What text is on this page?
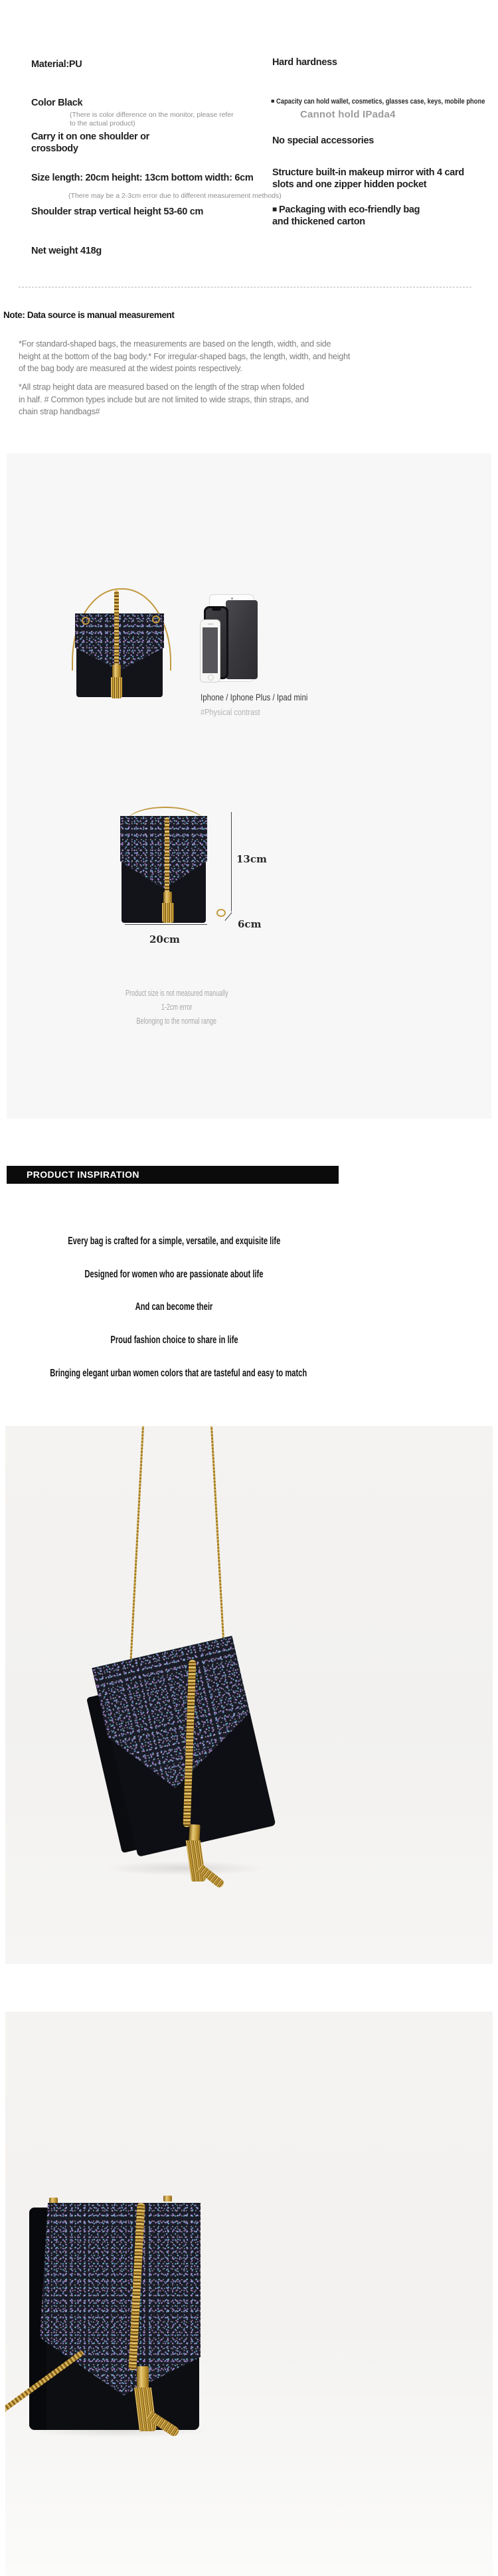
Material:PU
Color Black
(There is color difference on the monitor, please refer to the actual product)
Carry it on one shoulder or crossbody
Size length: 20cm height: 13cm bottom width: 6cm
(There may be a 2-3cm error due to different measurement methods)
Shoulder strap vertical height 53-60 cm
Net weight 418g
Hard hardness
■ Capacity can hold wallet, cosmetics, glasses case, keys, mobile phone
Cannot hold IPada4
No special accessories
Structure built-in makeup mirror with 4 card slots and one zipper hidden pocket
■ Packaging with eco-friendly bag and thickened carton
Note: Data source is manual measurement
*For standard-shaped bags, the measurements are based on the length, width, and side height at the bottom of the bag body.* For irregular-shaped bags, the length, width, and height of the bag body are measured at the widest points respectively.
*All strap height data are measured based on the length of the strap when folded in half. # Common types include but are not limited to wide straps, thin straps, and chain strap handbags#
Iphone / Iphone Plus / Ipad mini
#Physical contrast
13cm
20cm
6cm
Product size is not measured manually
1-2cm error
Belonging to the normal range
PRODUCT INSPIRATION
Every bag is crafted for a simple, versatile, and exquisite life
Designed for women who are passionate about life
And can become their
Proud fashion choice to share in life
Bringing elegant urban women colors that are tasteful and easy to match
